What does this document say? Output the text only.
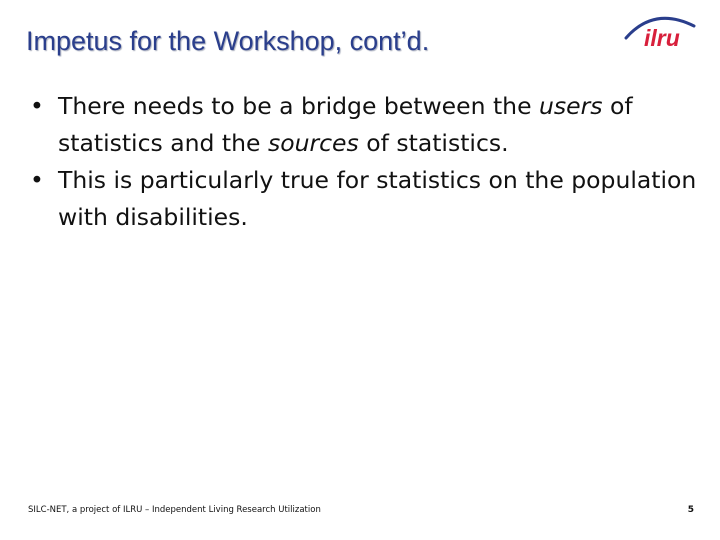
Impetus for the Workshop, cont’d.	ilru
• There needs to be a bridge between the users of statistics and the sources of statistics.
• This is particularly true for statistics on the population with disabilities.
SILC-NET, a project of ILRU – Independent Living Research Utilization	5
